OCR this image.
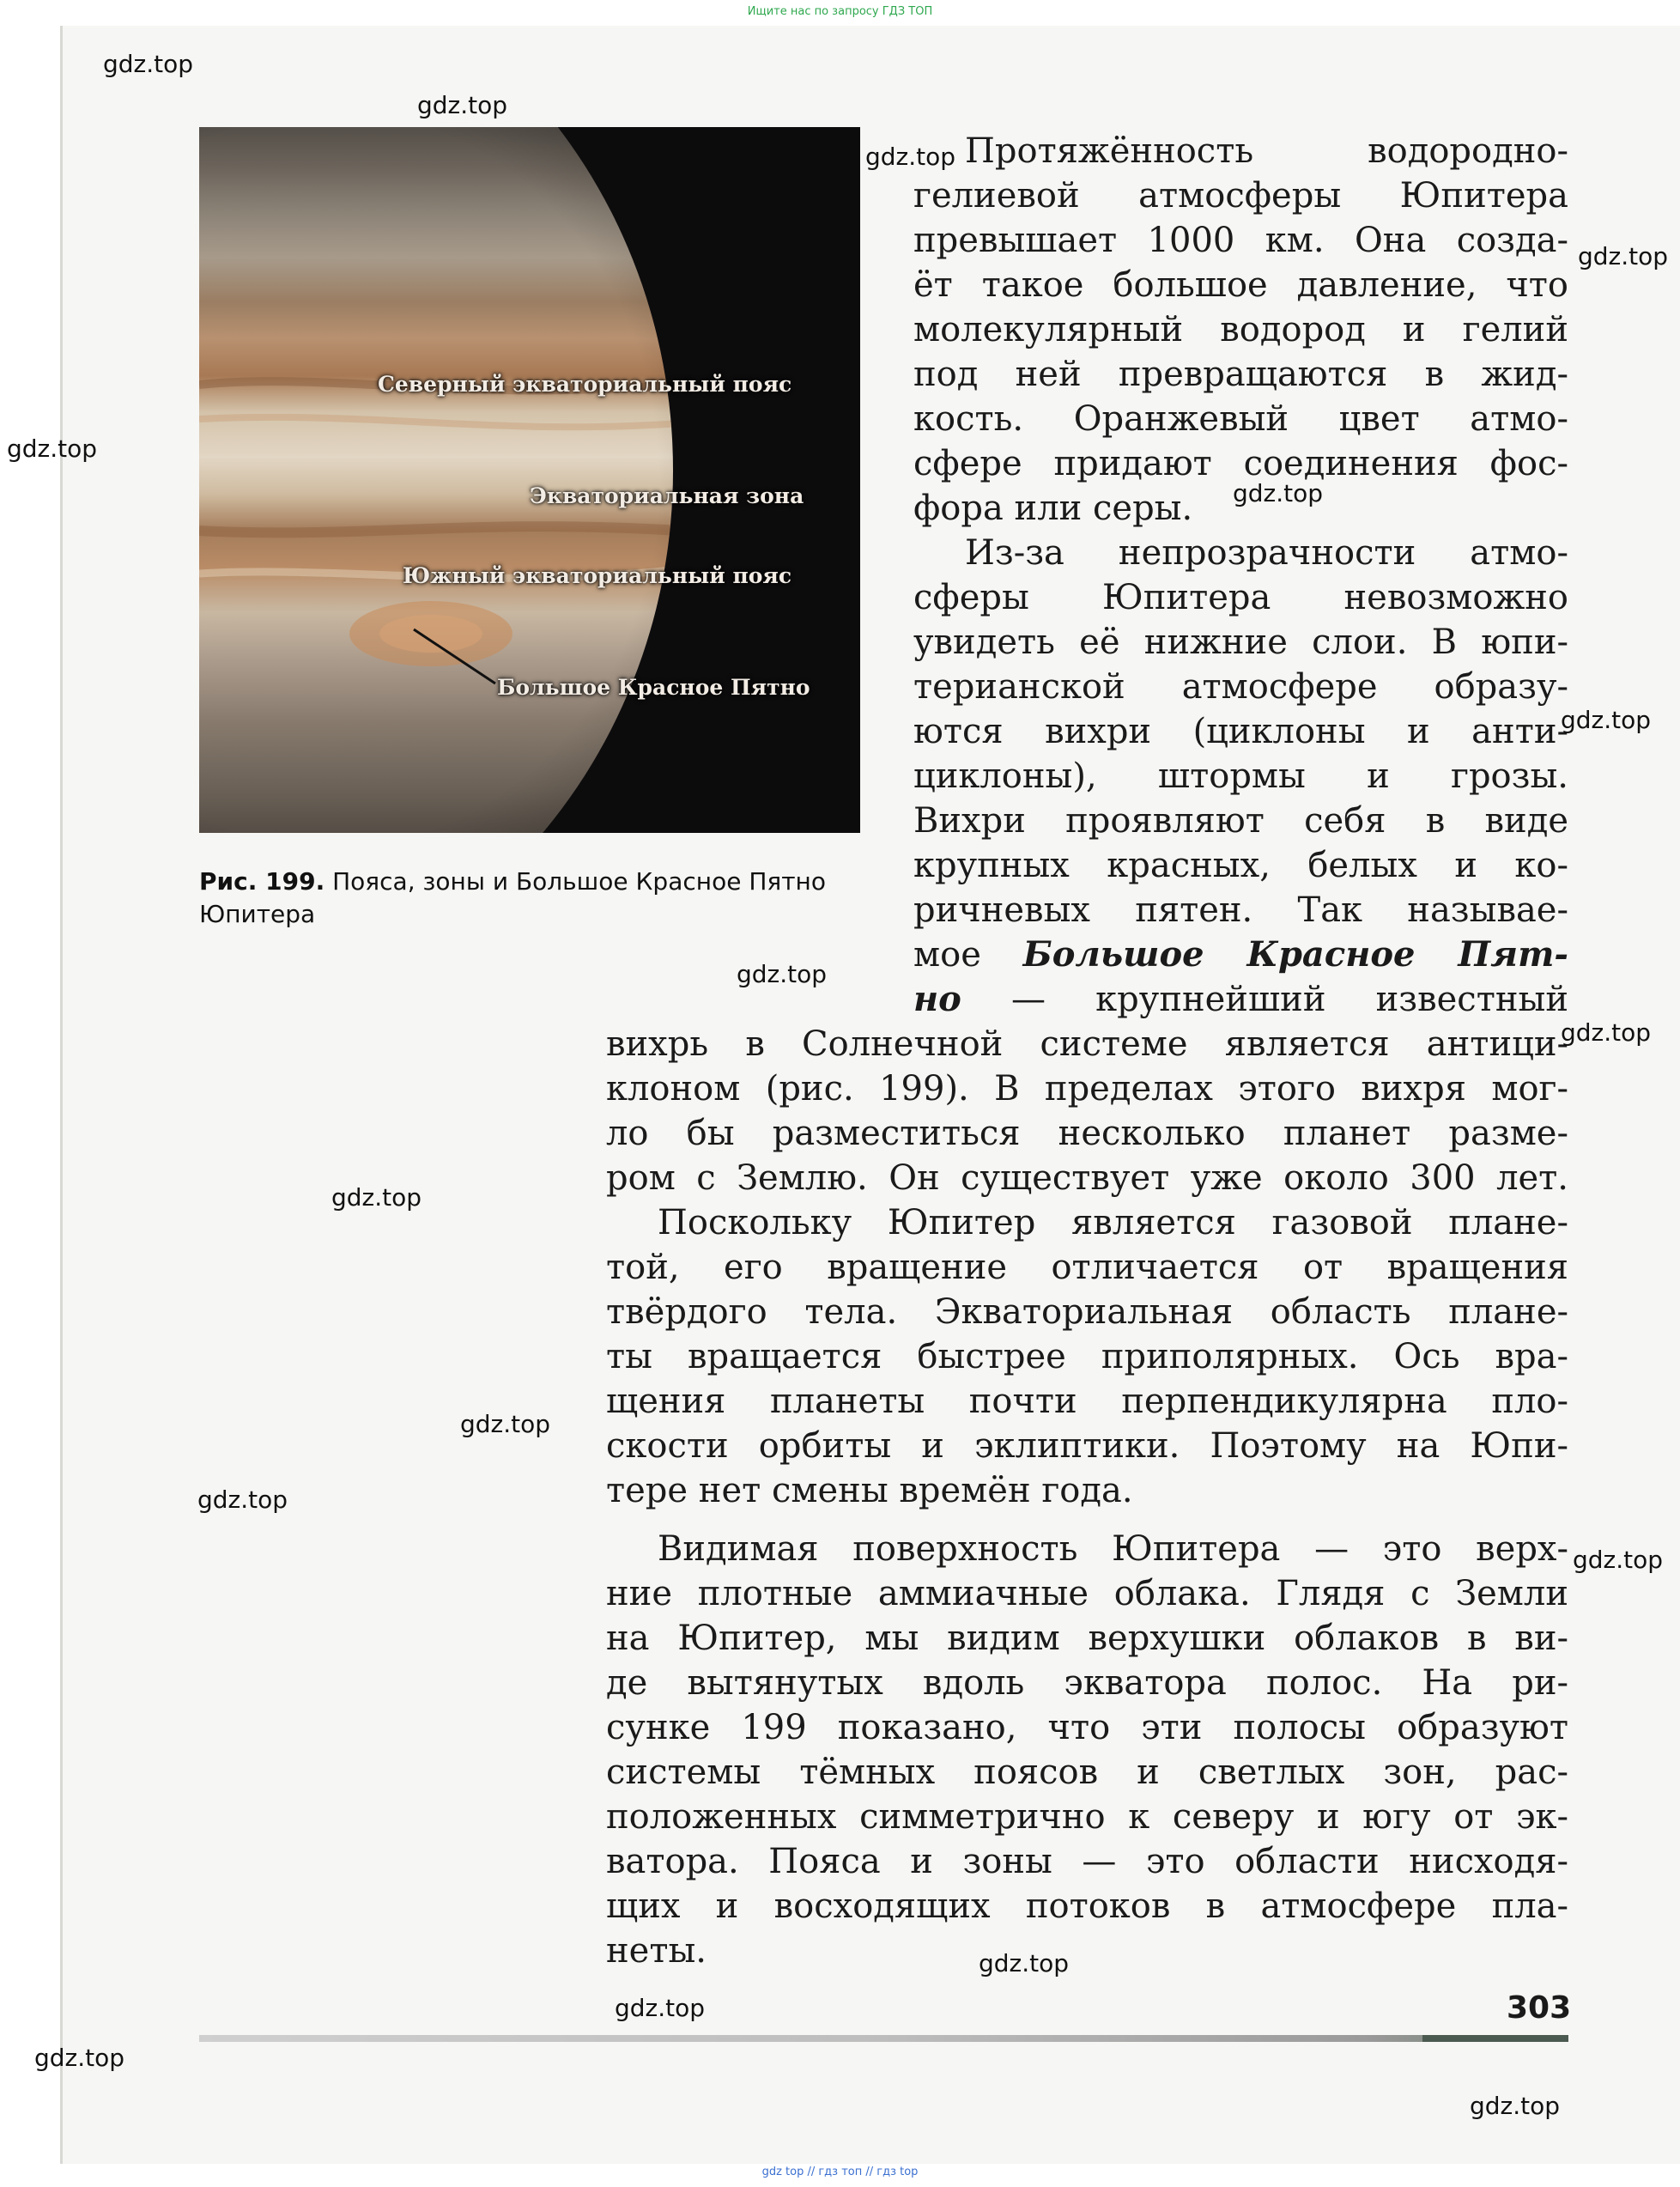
Ищите нас по запросу ГДЗ ТОП
Северный экваториальный пояс
Экваториальная зона
Южный экваториальный пояс
Большое Красное Пятно
Рис. 199. Пояса, зоны и Большое Красное Пятно Юпитера
Протяжённость водородно-
гелиевой атмосферы Юпитера
превышает 1000 км. Она созда-
ёт такое большое давление, что
молекулярный водород и гелий
под ней превращаются в жид-
кость. Оранжевый цвет атмо-
сфере придают соединения фос-
фора или серы.
Из-за непрозрачности атмо-
сферы Юпитера невозможно
увидеть её нижние слои. В юпи-
терианской атмосфере образу-
ются вихри (циклоны и анти-
циклоны), штормы и грозы.
Вихри проявляют себя в виде
крупных красных, белых и ко-
ричневых пятен. Так называе-
мое Большое Красное Пят-
но — крупнейший известный
вихрь в Солнечной системе является антици-
клоном (рис. 199). В пределах этого вихря мог-
ло бы разместиться несколько планет разме-
ром с Землю. Он существует уже около 300 лет.
Поскольку Юпитер является газовой плане-
той, его вращение отличается от вращения
твёрдого тела. Экваториальная область плане-
ты вращается быстрее приполярных. Ось вра-
щения планеты почти перпендикулярна пло-
скости орбиты и эклиптики. Поэтому на Юпи-
тере нет смены времён года.
Видимая поверхность Юпитера — это верх-
ние плотные аммиачные облака. Глядя с Земли
на Юпитер, мы видим верхушки облаков в ви-
де вытянутых вдоль экватора полос. На ри-
сунке 199 показано, что эти полосы образуют
системы тёмных поясов и светлых зон, рас-
положенных симметрично к северу и югу от эк-
ватора. Пояса и зоны — это области нисходя-
щих и восходящих потоков в атмосфере пла-
неты.
303
gdz.top
gdz.top
gdz.top
gdz.top
gdz.top
gdz.top
gdz.top
gdz.top
gdz.top
gdz.top
gdz.top
gdz.top
gdz.top
gdz.top
gdz.top
gdz.top
gdz.top
gdz top // гдз топ // гдз top
